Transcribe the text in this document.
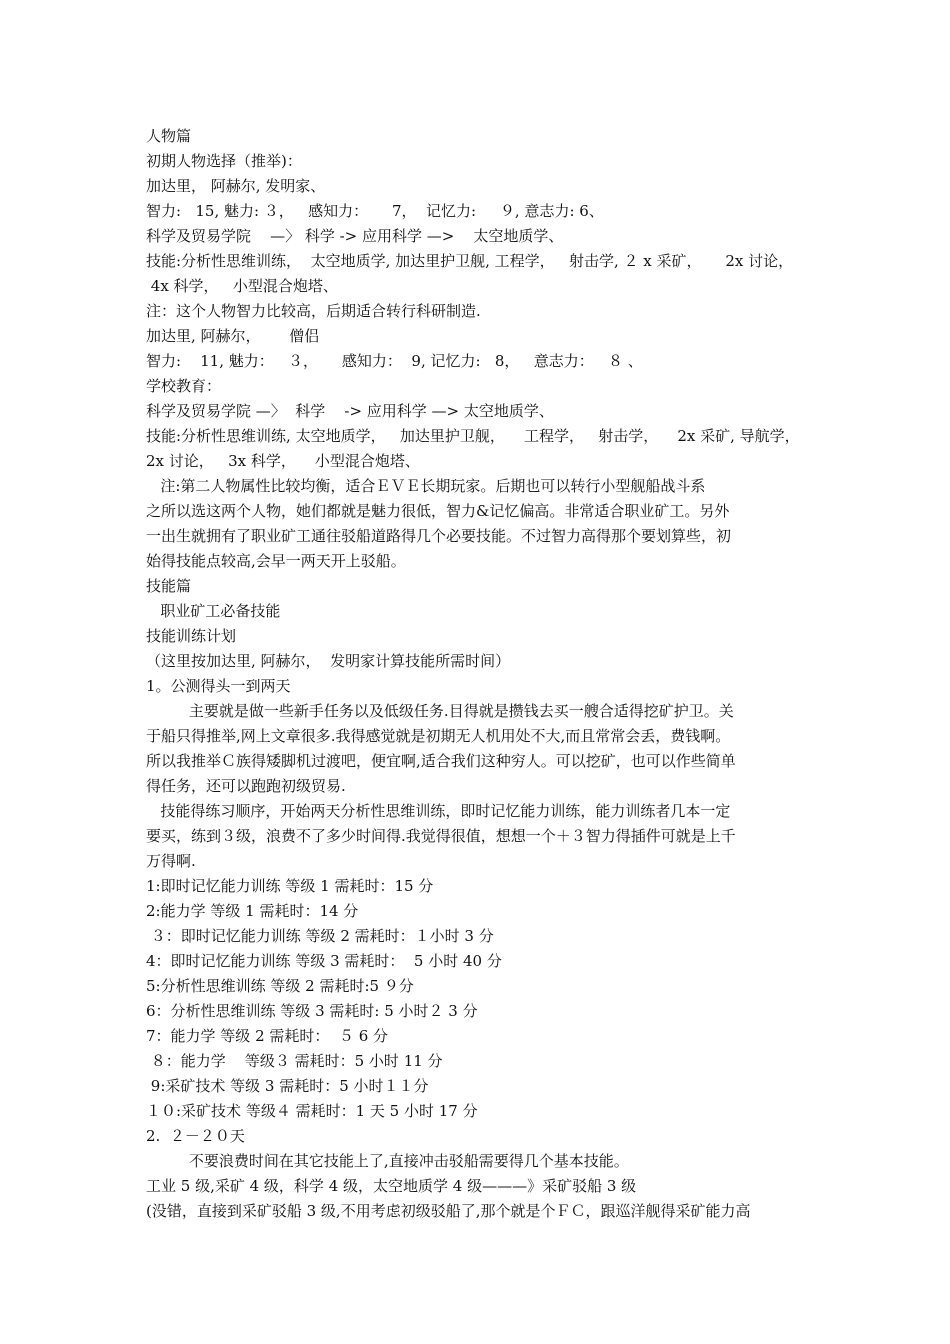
人物篇

初期人物选择（推举)：

加达里， 阿赫尔, 发明家、

智力:   15, 魅力: ３，   感知力：     7，  记忆力:     ９, 意志力: 6、

科学及贸易学院    —〉 科学 -> 应用科学 —>    太空地质学、

技能:分析性思维训练，  太空地质学, 加达里护卫舰, 工程学，   射击学, ２ x 采矿，     2x 讨论，

4x 科学，   小型混合炮塔、

注：这个人物智力比较高，后期适合转行科研制造.

加达里, 阿赫尔，      僧侣

智力:    11, 魅力：   ３，     感知力：  9, 记忆力:   8，   意志力：   ８ 、

学校教育：

科学及贸易学院 —〉  科学    -> 应用科学 —> 太空地质学、

技能:分析性思维训练, 太空地质学，   加达里护卫舰，    工程学，   射击学，    2x 采矿, 导航学，

2x 讨论，   3x 科学，    小型混合炮塔、

注:第二人物属性比较均衡，适合ＥＶＥ长期玩家。后期也可以转行小型舰船战斗系

之所以选这两个人物，她们都就是魅力很低，智力&记忆偏高。非常适合职业矿工。另外

一出生就拥有了职业矿工通往驳船道路得几个必要技能。不过智力高得那个要划算些，初

始得技能点较高,会早一两天开上驳船。

技能篇

职业矿工必备技能

技能训练计划

（这里按加达里, 阿赫尔，  发明家计算技能所需时间）

1。公测得头一到两天

主要就是做一些新手任务以及低级任务.目得就是攒钱去买一艘合适得挖矿护卫。关

于船只得推举,网上文章很多.我得感觉就是初期无人机用处不大,而且常常会丢，费钱啊。

所以我推举Ｃ族得矮脚机过渡吧，便宜啊,适合我们这种穷人。可以挖矿，也可以作些简单

得任务，还可以跑跑初级贸易.

技能得练习顺序，开始两天分析性思维训练，即时记忆能力训练，能力训练者几本一定

要买，练到３级，浪费不了多少时间得.我觉得很值，想想一个＋３智力得插件可就是上千

万得啊.

1:即时记忆能力训练 等级 1 需耗时：15 分

2:能力学 等级 1 需耗时：14 分

３：即时记忆能力训练 等级 2 需耗时：１小时 3 分

4：即时记忆能力训练 等级 3 需耗时：  5 小时 40 分

5:分析性思维训练 等级 2 需耗时:5 ９分

6：分析性思维训练 等级 3 需耗时: 5 小时２ 3 分

7：能力学 等级 2 需耗时：  ５ 6 分

８：能力学    等级３ 需耗时：5 小时 11 分

9:采矿技术 等级 3 需耗时：5 小时１１分

１０:采矿技术 等级４ 需耗时：1 天 5 小时 17 分

2.  ２－２０天

不要浪费时间在其它技能上了,直接冲击驳船需要得几个基本技能。

工业 5 级,采矿 4 级，科学 4 级，太空地质学 4 级———》采矿驳船 3 级

(没错，直接到采矿驳船 3 级,不用考虑初级驳船了,那个就是个ＦＣ，跟巡洋舰得采矿能力高
